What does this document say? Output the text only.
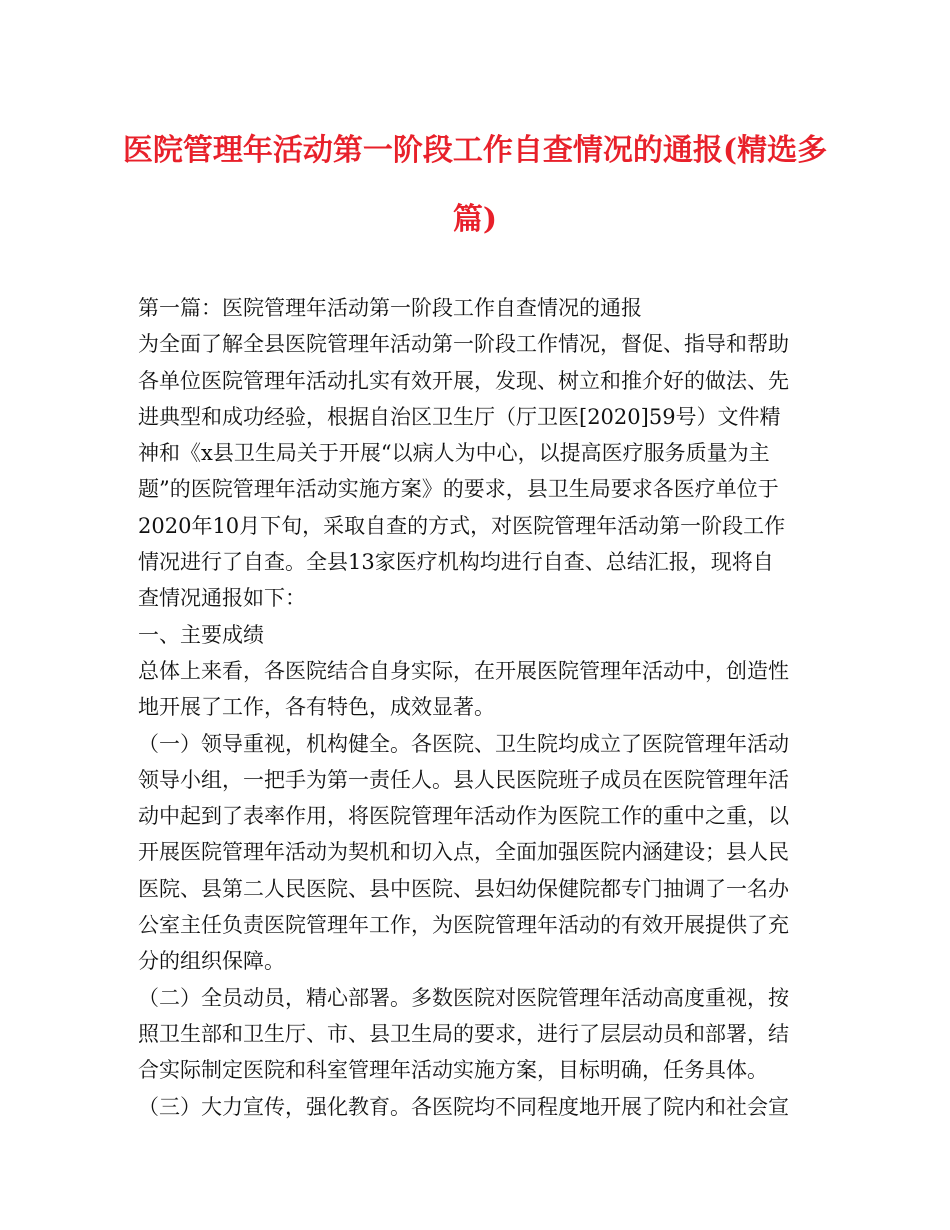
医院管理年活动第一阶段工作自查情况的通报(精选多
篇)
第一篇：医院管理年活动第一阶段工作自查情况的通报
为全面了解全县医院管理年活动第一阶段工作情况，督促、指导和帮助
各单位医院管理年活动扎实有效开展，发现、树立和推介好的做法、先
进典型和成功经验，根据自治区卫生厅（厅卫医[2020]59号）文件精
神和《x县卫生局关于开展“以病人为中心，以提高医疗服务质量为主
题”的医院管理年活动实施方案》的要求，县卫生局要求各医疗单位于
2020年10月下旬，采取自查的方式，对医院管理年活动第一阶段工作
情况进行了自查。全县13家医疗机构均进行自查、总结汇报，现将自
查情况通报如下：
一、主要成绩
总体上来看，各医院结合自身实际，在开展医院管理年活动中，创造性
地开展了工作，各有特色，成效显著。
（一）领导重视，机构健全。各医院、卫生院均成立了医院管理年活动
领导小组，一把手为第一责任人。县人民医院班子成员在医院管理年活
动中起到了表率作用，将医院管理年活动作为医院工作的重中之重，以
开展医院管理年活动为契机和切入点，全面加强医院内涵建设；县人民
医院、县第二人民医院、县中医院、县妇幼保健院都专门抽调了一名办
公室主任负责医院管理年工作，为医院管理年活动的有效开展提供了充
分的组织保障。
（二）全员动员，精心部署。多数医院对医院管理年活动高度重视，按
照卫生部和卫生厅、市、县卫生局的要求，进行了层层动员和部署，结
合实际制定医院和科室管理年活动实施方案，目标明确，任务具体。
（三）大力宣传，强化教育。各医院均不同程度地开展了院内和社会宣
